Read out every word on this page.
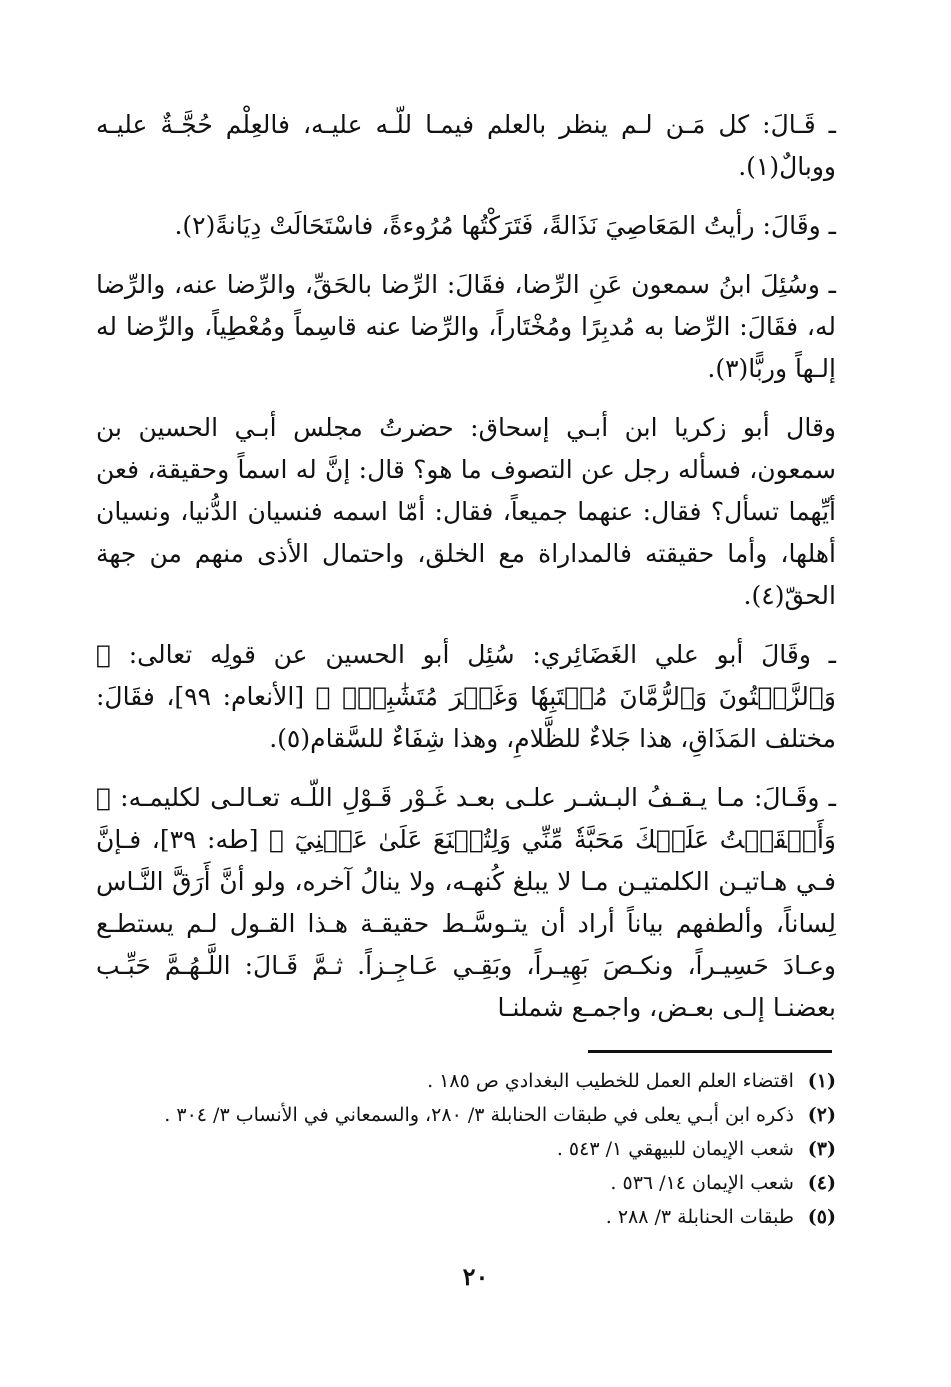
ـ قَـالَ: كل مَـن لـم ينظر بالعلم فيمـا للّـه عليـه، فالعِلْم حُجَّـةٌ عليـه ووبالٌ(١).

ـ وقَالَ: رأيتُ المَعَاصِيَ نَذَالةً، فَتَرَكْتُها مُرُوءةً، فاسْتَحَالَتْ دِيَانةً(٢).

ـ وسُئِلَ ابنُ سمعون عَنِ الرِّضا، فقَالَ: الرِّضا بالحَقِّ، والرِّضا عنه، والرِّضا له، فقَالَ: الرِّضا به مُدبِرًا ومُخْتَاراً، والرِّضا عنه قاسِماً ومُعْطِياً، والرِّضا له إلـهاً وربًّا(٣).

وقال أبو زكريا ابن أبـي إسحاق: حضرتُ مجلس أبـي الحسين بن سمعون، فسأله رجل عن التصوف ما هو؟ قال: إنَّ له اسماً وحقيقة، فعن أيِّهما تسأل؟ فقال: عنهما جميعاً، فقال: أمّا اسمه فنسيان الدُّنيا، ونسيان أهلها، وأما حقيقته فالمداراة مع الخلق، واحتمال الأذى منهم من جهة الحقّ(٤).

ـ وقَالَ أبو علي الغَضَائِري: سُئِل أبو الحسين عن قولِه تعالى: ﴿ وَٱلزَّيۡتُونَ وَٱلرُّمَّانَ مُشۡتَبِهٗا وَغَيۡرَ مُتَشَٰبِهٍۗ ﴾ [الأنعام: ٩٩]، فقَالَ: مختلف المَذَاقِ، هذا جَلاءٌ للظَّلامِ، وهذا شِفَاءٌ للسَّقام(٥).

ـ وقَـالَ: مـا يـقـفُ البـشـر علـى بعـد غَـوْر قَـوْلِ اللّـه تعـالـى لكليمـه: ﴿ وَأَلۡقَيۡتُ عَلَيۡكَ مَحَبَّةٗ مِّنِّي وَلِتُصۡنَعَ عَلَىٰ عَيۡنِيٓ ﴾ [طه: ٣٩]، فـإنَّ فـي هـاتيـن الكلمتيـن مـا لا يبلغ كُنهـه، ولا ينالُ آخره، ولو أنَّ أَرَقَّ النَّـاس لِساناً، وألطفهم بياناً أراد أن يتـوسَّـط حقيقـة هـذا القـول لـم يستطـع وعـادَ حَسِيـراً، ونكـصَ بَهِيـراً، وبَقِـي عَـاجِـزاً. ثـمَّ قَـالَ: اللَّـهُـمَّ حَبِّـب بعضنـا إلـى بعـض، واجمـع شملنـا

(١) اقتضاء العلم العمل للخطيب البغدادي ص ١٨٥ .
(٢) ذكره ابن أبـي يعلى في طبقات الحنابلة ٣/ ٢٨٠، والسمعاني في الأنساب ٣/ ٣٠٤ .
(٣) شعب الإيمان للبيهقي ١/ ٥٤٣ .
(٤) شعب الإيمان ١٤/ ٥٣٦ .
(٥) طبقات الحنابلة ٣/ ٢٨٨ .
٢٠
